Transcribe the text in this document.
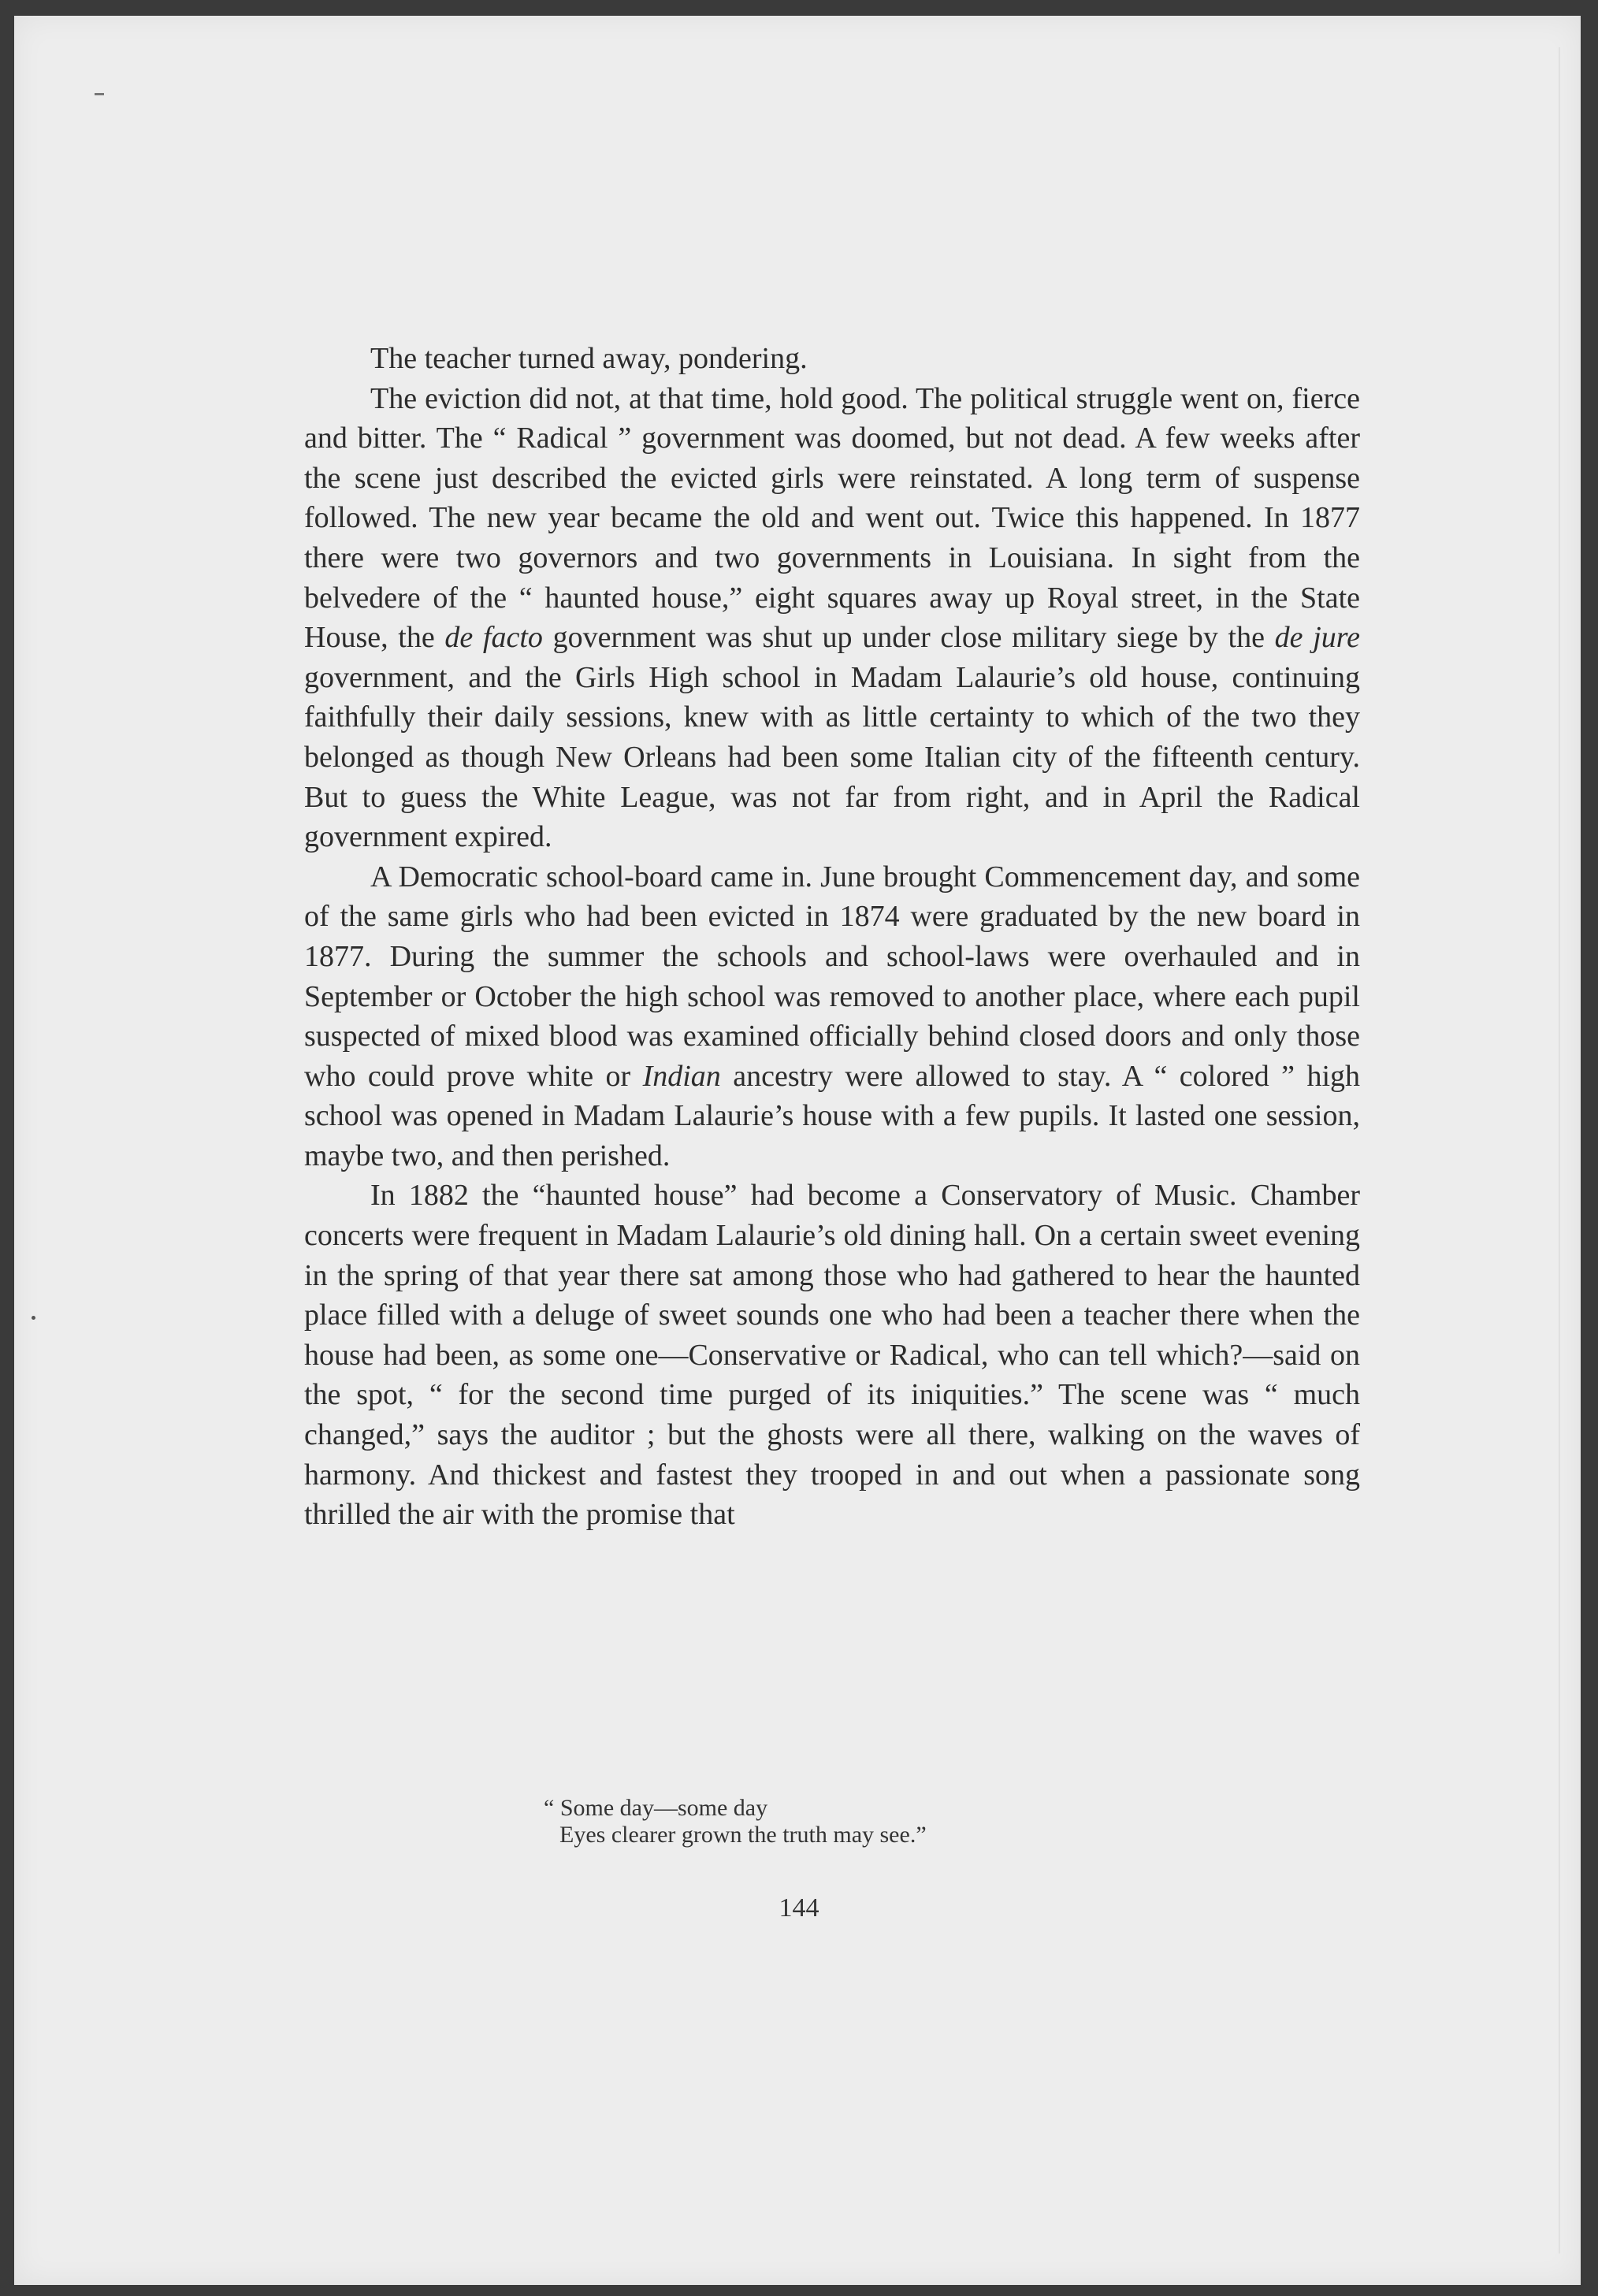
The teacher turned away, pondering.

The eviction did not, at that time, hold good. The political struggle went on, fierce and bitter. The “ Radical ” government was doomed, but not dead. A few weeks after the scene just described the evicted girls were reinstated. A long term of suspense followed. The new year became the old and went out. Twice this happened. In 1877 there were two governors and two governments in Louisiana. In sight from the belvedere of the “ haunted house,” eight squares away up Royal street, in the State House, the de facto government was shut up under close military siege by the de jure government, and the Girls High school in Madam Lalaurie’s old house, continuing faithfully their daily sessions, knew with as little certainty to which of the two they belonged as though New Orleans had been some Italian city of the fifteenth century. But to guess the White League, was not far from right, and in April the Radical government expired.

A Democratic school-board came in. June brought Commencement day, and some of the same girls who had been evicted in 1874 were graduated by the new board in 1877. During the summer the schools and school-laws were overhauled and in September or October the high school was removed to another place, where each pupil suspected of mixed blood was examined officially behind closed doors and only those who could prove white or Indian ancestry were allowed to stay. A “ colored ” high school was opened in Madam Lalaurie’s house with a few pupils. It lasted one session, maybe two, and then perished.

In 1882 the “haunted house” had become a Conservatory of Music. Chamber concerts were frequent in Madam Lalaurie’s old dining hall. On a certain sweet evening in the spring of that year there sat among those who had gathered to hear the haunted place filled with a deluge of sweet sounds one who had been a teacher there when the house had been, as some one—Conservative or Radical, who can tell which?—said on the spot, “ for the second time purged of its iniquities.” The scene was “ much changed,” says the auditor ; but the ghosts were all there, walking on the waves of harmony. And thickest and fastest they trooped in and out when a passionate song thrilled the air with the promise that

“ Some day—some day
Eyes clearer grown the truth may see.”
144
